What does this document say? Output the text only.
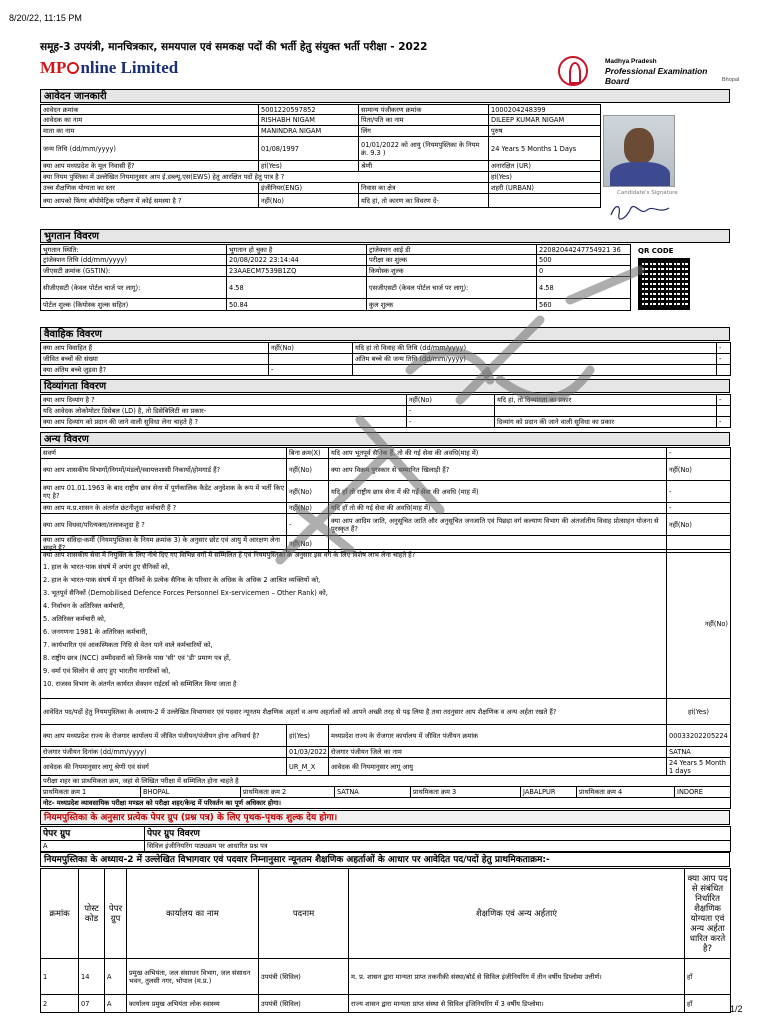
8/20/22, 11:15 PM
समूह-3 उपयंत्री, मानचित्रकार, समयपाल एवं समकक्ष पदों की भर्ती हेतु संयुक्त भर्ती परीक्षा - 2022
MP nline Limited	Madhya Pradesh
Professional Examination Board	Bhopal
आवेदन जानकारी
आवेदन क्रमांक	5001220597852	सामान्य पंजीकरण क्रमांक	1000204248399
आवेदक का नाम	RISHABH NIGAM	पिता/पति का नाम	DILEEP KUMAR NIGAM
माता का नाम	MANINDRA NIGAM	लिंग	पुरुष
जन्म तिथि (dd/mm/yyyy)	01/08/1997	01/01/2022 को आयु (नियमपुस्तिका के नियम क्रं. 9.3 )	24 Years 5 Months 1 Days
क्या आप मध्यप्रदेश के मूल निवासी हैं?	हां(Yes)	श्रेणी	अनारक्षित (UR)
क्या नियम पुस्तिका में उल्लेखित नियमानुसार आप ई.डब्ल्यू.एस(EWS) हेतु आरक्षित पदों हेतु पात्र है ?			हां(Yes)
उच्च शैक्षणिक योग्यता का स्तर	इंजीनियर(ENG)	निवास का क्षेत्र	शहरी (URBAN)
क्या आपको फिंगर बॉयोमेट्रिक परीक्षण में कोई समस्या है ?	नहीं(No)	यदि हां, तो कारण का विवरण दें-	
Candidate's Signature
भुगतान विवरण
भुगतान स्थिति:	भुगतान हो चुका है	ट्रांजेक्शन आई डी	22082044247754921 36
ट्रांजेक्शन तिथि (dd/mm/yyyy)	20/08/2022 23:14:44	परीक्षा का शुल्क	500
जीएसटी क्रमांक (GSTIN):	23AAECM7539B1ZQ	कियोस्क शुल्क	0
सीजीएसटी (केवल पोर्टल चार्ज पर लागू):	4.58	एसजीएसटी (केवल पोर्टल चार्ज पर लागू):	4.58
पोर्टल शुल्क (कियोस्क शुल्क सहित)	50.84	कुल शुल्क	560
QR CODE
वैवाहिक विवरण
क्या आप विवाहित हैं	नहीं(No)	यदि हां तो विवाह की तिथि (dd/mm/yyyy)	-
जीवित बच्चों की संख्या		अंतिम बच्चे की जन्म तिथि (dd/mm/yyyy)	-
क्या अंतिम बच्चे जुड़वा है?	-		
दिव्यांगता विवरण
क्या आप दिव्यांग है ?	नहीं(No)	यदि हां, तो दिव्यांगता का प्रकार	-
यदि आवेदक लोकोमोटर डिसेबल (LD) है, तो डिसेबिलिटी का प्रकार-	-		
क्या आप दिव्यांग को प्रदान की जाने वाली सुविधा लेना चाहते है ?	-	दिव्यांग को प्रदान की जाने वाली सुविधा का प्रकार	-
अन्य विवरण
सवर्ण	बिना क्रम(X)	यदि आप भूतपूर्व सैनिक हैं, तो की गई सेवा की अवधि(माह में)	-
क्या आप शासकीय विभागों/निगमों/मंडलों/स्वायत्तशासी निकायों/होमगार्ड हैं?	नहीं(No)	क्या आप विक्रम पुरस्कार से सम्मानित खिलाड़ी हैं?	नहीं(No)
क्या आप 01.01.1963 के बाद राष्ट्रीय छात्र सेना में पूर्णकालिक कैडेट अनुदेशक के रूप में भर्ती किए गए है?	नहीं(No)	यदि हाँ तो राष्ट्रीय छात्र सेना में की गई सेवा की अवधि (माह में)	-
क्या आप म.प्र.शासन के अंतर्गत छंटनीशुदा कर्मचारी हैं ?	नहीं(No)	यदि हाँ तो की गई सेवा की अवधि(माह में)	-
क्या आप विधवा/परित्यक्ता/तलाकशुदा है ?	-	क्या आप आदिम जाति, अनुसूचित जाति और अनुसूचित जनजाति एवं पिछड़ा वर्ग कल्याण विभाग की अंतर्जातीय विवाह प्रोत्साहन योजना से पुरस्कृत हैं?	नहीं(No)
क्या आप संविदा-कर्मी (नियमपुस्तिका के नियम क्रमांक 3) के अनुसार छोट एवं आयु में आरक्षण लेना चाहते हैं?	नहीं(No)		
क्या आप शासकीय सेवा में नियुक्ति के लिए नीचे दिए गए विभिन्न वर्गों में सम्मिलित हैं एवं नियमपुस्तिका के अनुसार इस वर्ग के लिए विशेष लाभ लेना चाहते हैं?
1. हाल के भारत-पाक संघर्ष में अपंग हुए सैनिकों को,
2. हाल के भारत-पाक संघर्ष में मृत सैनिकों के प्रत्येक सैनिक के परिवार के अधिक के अधिक 2 आश्रित व्यक्तियों को,
3. भूतपूर्व सैनिकों (Demobilised Defence Forces Personnel Ex-servicemen – Other Rank) को,
4. निर्वाचन के अतिरिक्त कर्मचारी,
5. अतिरिक्त कर्मचारी को,
6. जनगणना 1981 के अतिरिक्त कर्मचारी,
7. कार्यभारित एवं आकस्मिकता निधि से वेतन पाने वाले कर्मचारियों को,
8. राष्ट्रीय छात्र (NCC) उम्मीदवारों को जिनके पास 'सी' एवं 'डी' प्रमाण पत्र हों,
9. वर्मा एवं सिलोन से आए हुए भारतीय नागरिकों को,
10. राजस्व विभाग के अंतर्गत कार्यरत सेक्शन राईटर्स को सम्मिलित किया जाता है
	नहीं(No)
आवेदित पद/पदों हेतु नियमपुस्तिका के अध्याय-2 में उल्लेखित विभागवार एवं पदवार न्यूनतम शैक्षणिक अहर्ता व अन्य अहर्ताओं को आपने अच्छी तरह से पढ़ लिया है तथा तदनुसार आप शैक्षणिक व अन्य अर्हता रखते हैं?	हां(Yes)
क्या आप मध्यप्रदेश राज्य के रोजगार कार्यालय में जीवित पंजीयन/पंजीयन होना अनिवार्य है?	हां(Yes)	मध्यप्रदेश राज्य के रोजगार कार्यालय में जीवित पंजीयन क्रमांक	00033202205224
रोजगार पंजीयन दिनांक (dd/mm/yyyy)	01/03/2022	रोजगार पंजीयन जिले का नाम	SATNA
आवेदक की नियमानुसार लागू श्रेणी एवं संवर्ग	UR_M_X	आवेदक की नियमानुसार लागू आयु	24 Years 5 Month 1 days
परीक्षा शहर का प्राथमिकता क्रम, जहां से लिखित परीक्षा में सम्मिलित होना चाहते है
प्राथमिकता क्रम 1	BHOPAL	प्राथमिकता क्रम 2	SATNA	प्राथमिकता क्रम 3	JABALPUR	प्राथमिकता क्रम 4	INDORE
नोट- मध्यप्रदेश व्यावसायिक परीक्षा मण्डल को परीक्षा शहर/केन्द्र में परिवर्तन का पूर्ण अधिकार होगा।
नियमपुस्तिका के अनुसार प्रत्येक पेपर ग्रुप (प्रश्न पत्र) के लिए पृथक-पृथक शुल्क देय होगा।
पेपर ग्रुप	पेपर ग्रुप विवरण
A	सिविल इंजीनियरिंग पाठ्यक्रम पर आधारित प्रश्न पत्र
नियमपुस्तिका के अध्याय-2 में उल्लेखित विभागवार एवं पदवार निम्नानुसार न्यूनतम शैक्षणिक अहर्ताओं के आधार पर आवेदित पद/पदों हेतु प्राथमिकताक्रम:-
क्रमांक	पोस्ट कोड	पेपर ग्रुप	कार्यालय का नाम	पदनाम	शैक्षणिक एवं अन्य अर्हताएं	क्या आप पद से संबंधित निर्धारित शैक्षणिक योग्यता एवं अन्य अर्हता धारित करते है?
1	14	A	प्रमुख अभियंता, जल संसाधन विभाग, जल संसाधन भवन, तुलसी नगर, भोपाल (म.प्र.)	उपयंत्री (सिविल)	म. प्र. शासन द्वारा मान्यता प्राप्त तकनीकी संस्था/बोर्ड से सिविल इंजीनियरिंग में तीन वर्षीय डिप्लोमा उत्तीर्ण।	हाँ
2	07	A	कार्यालय प्रमुख अभियंता लोक स्वास्थ्य	उपयंत्री (सिविल)	राज्य शासन द्वारा मान्यता प्राप्त संस्था से सिविल इंजिनियरिंग में 3 वर्षीय डिप्लोमा।	हाँ
1/2
